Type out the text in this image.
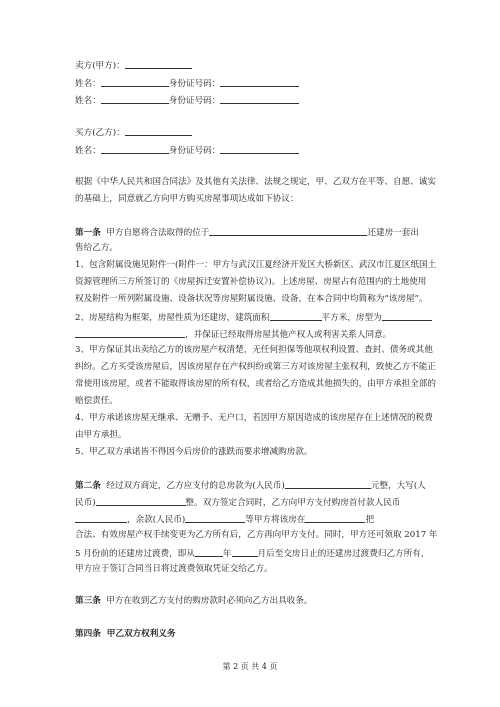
卖方(甲方)：
姓名：	身份证号码：
姓名：	身份证号码：
买方(乙方)：
姓名：	身份证号码：
根据《中华人民共和国合同法》及其他有关法律、法规之规定，甲、乙双方在平等、自愿、诚实
的基础上，同意就乙方向甲方购买房屋事项达成如下协议：
第一条 甲方自愿将合法取得的位于	还建房一套出
售给乙方。
1、包含附属设施见附件一(附件一：甲方与武汉江夏经济开发区大桥新区、武汉市江夏区纸国土
资源管理所三方所签订的《房屋拆迁安置补偿协议》)。上述房屋、房屋占有范围内的土地使用
权及附件一所列附属设施、设备状况等房屋附属设施、设备，在本合同中均简称为“该房屋”。
2、房屋结构为框架，房屋性质为还建房，建筑面积	平方米，房型为
，并保证已经取得房屋其他产权人或利害关系人同意。
3、甲方保证其出卖给乙方的该房屋产权清楚，无任何担保等他项权利设置、查封、债务或其他
纠纷。乙方买受该房屋后，因该房屋存在产权纠纷或第三方对该房屋主张权利，致使乙方不能正
常使用该房屋，或者不能取得该房屋的所有权，或者给乙方造成其他损失的，由甲方承担全部的
赔偿责任。
4、甲方承诺该房屋无继承、无赠予、无户口，若因甲方原因造成的该房屋存在上述情况的税费
由甲方承担。
5、甲乙双方承诺皆不得因今后房价的涨跌而要求增减购房款。
第二条 经过双方商定，乙方应支付的总房款为(人民币)	元整，大写(人
民币)	整。双方签定合同时，乙方向甲方支付购房首付款人民币
，余款(人民币)	等甲方将该房在	把
合法、有效房屋产权手续变更为乙方所有后，乙方再向甲方支付。同时，甲方还可领取 2017 年
5 月份前的还建房过渡费，即从	年	月后至交房日止的还建房过渡费归乙方所有，
甲方应于签订合同当日将过渡费领取凭证交给乙方。
第三条 甲方在收到乙方支付的购房款时必须向乙方出具收条。
第四条 甲乙双方权利义务
第 2 页 共 4 页
